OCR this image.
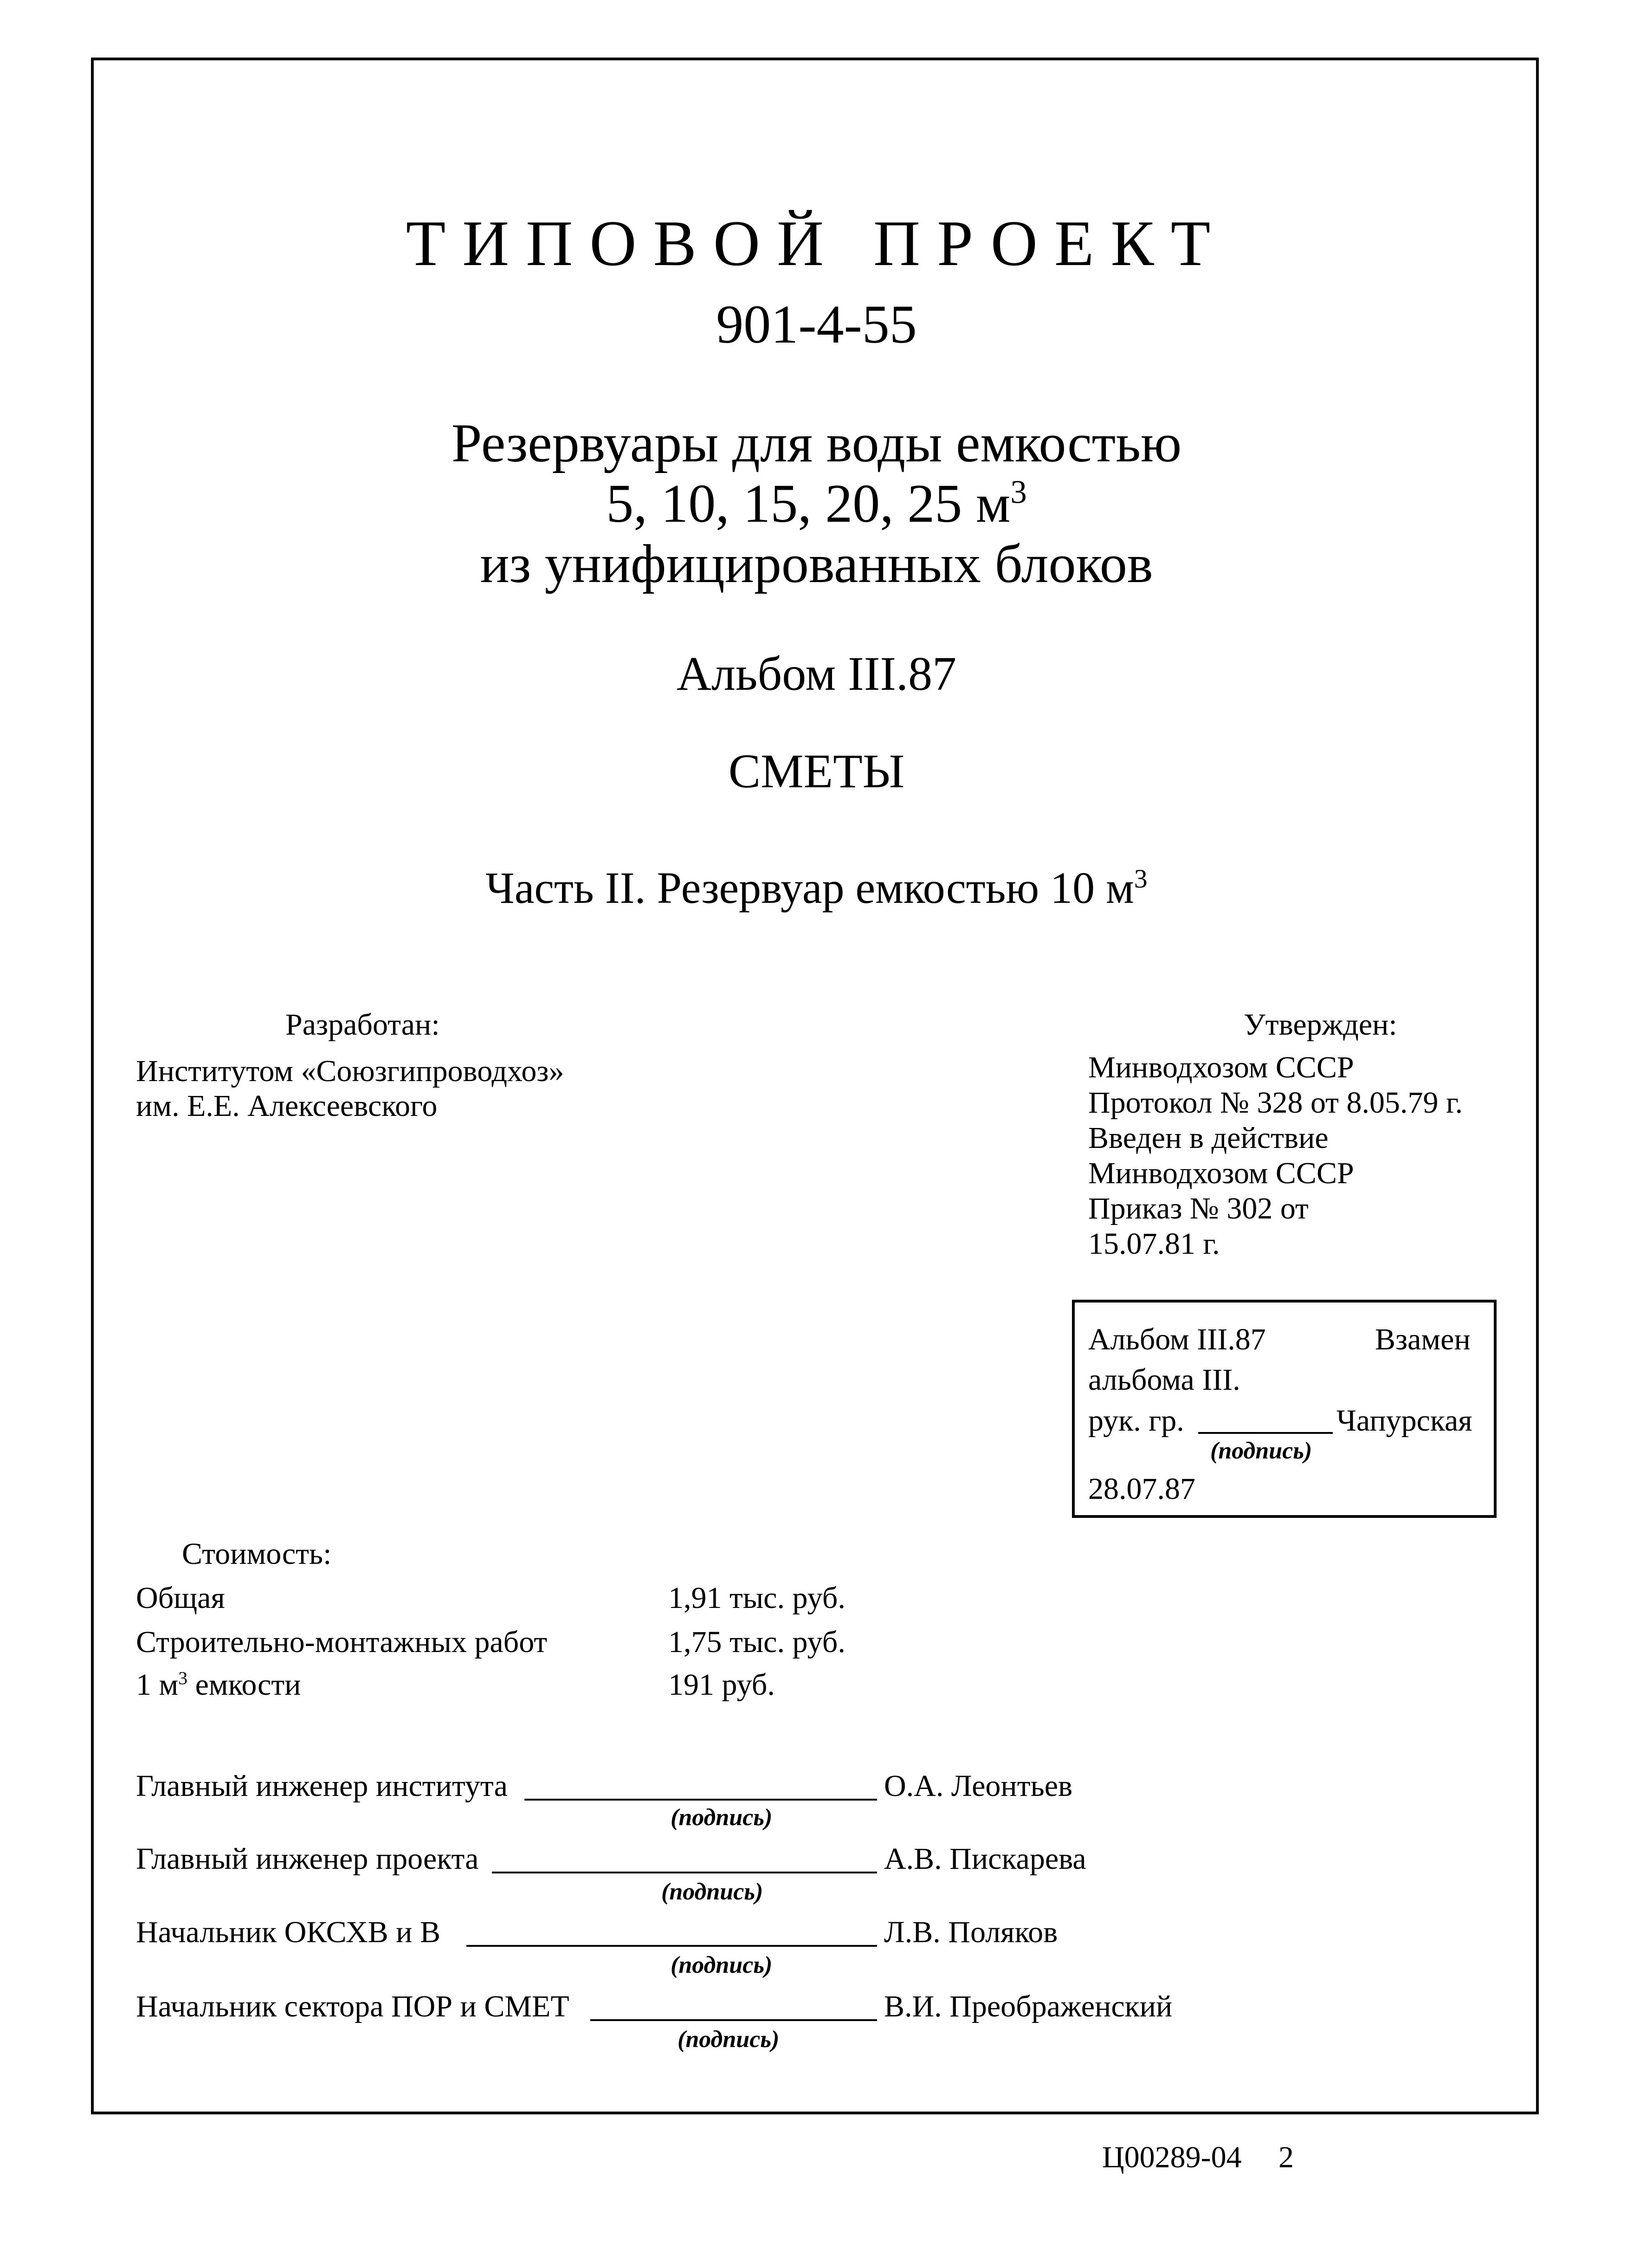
ТИПОВОЙ ПРОЕКТ
901-4-55
Резервуары для воды емкостью
5, 10, 15, 20, 25 $м^3$
из унифицированных блоков
Альбом III.87
СМЕТЫ
Часть II. Резервуар емкостью 10 $м^3$
Разработан:
Институтом «Союзгипроводхоз»
им. Е.Е. Алексеевского
Утвержден:
Минводхозом СССР
Протокол № 328 от 8.05.79 г.
Введен в действие
Минводхозом СССР
Приказ № 302 от
15.07.81 г.
Альбом III.87	Взамен
альбома III.
рук. гр.	Чапурская
(подпись)
28.07.87
Стоимость:
Общая	1,91 тыс. руб.
Строительно-монтажных работ	1,75 тыс. руб.
1 $м^3$ емкости	191 руб.
Главный инженер института	О.А. Леонтьев
(подпись)
Главный инженер проекта	А.В. Пискарева
(подпись)
Начальник ОКСХВ и В	Л.В. Поляков
(подпись)
Начальник сектора ПОР и СМЕТ	В.И. Преображенский
(подпись)
Ц00289-04 2
